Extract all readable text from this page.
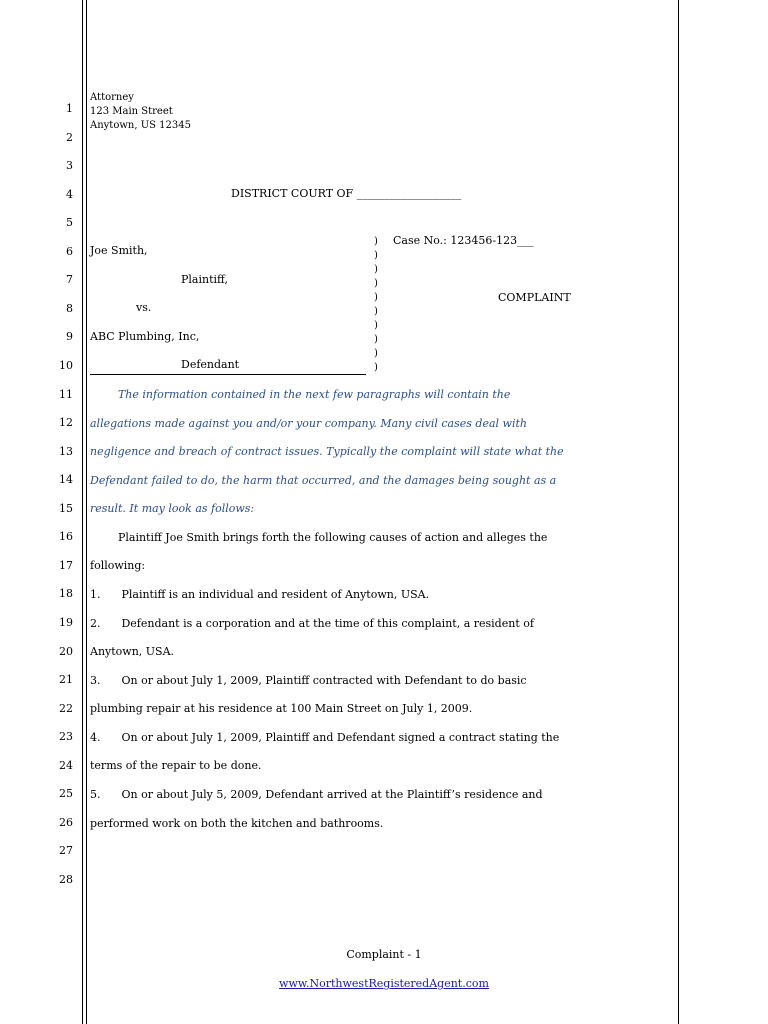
1
2
3
4
5
6
7
8
9
10
11
12
13
14
15
16
17
18
19
20
21
22
23
24
25
26
27
28
Attorney
123 Main Street
Anytown, US 12345
DISTRICT COURT OF ___________________
Joe Smith,
Plaintiff,
vs.
ABC Plumbing, Inc,
Defendant
)
)
)
)
)
)
)
)
)
)
Case No.: 123456-123___
COMPLAINT
The information contained in the next few paragraphs will contain the
allegations made against you and/or your company. Many civil cases deal with
negligence and breach of contract issues. Typically the complaint will state what the
Defendant failed to do, the harm that occurred, and the damages being sought as a
result. It may look as follows:
Plaintiff Joe Smith brings forth the following causes of action and alleges the
following:
1.      Plaintiff is an individual and resident of Anytown, USA.
2.      Defendant is a corporation and at the time of this complaint, a resident of
Anytown, USA.
3.      On or about July 1, 2009, Plaintiff contracted with Defendant to do basic
plumbing repair at his residence at 100 Main Street on July 1, 2009.
4.      On or about July 1, 2009, Plaintiff and Defendant signed a contract stating the
terms of the repair to be done.
5.      On or about July 5, 2009, Defendant arrived at the Plaintiff’s residence and
performed work on both the kitchen and bathrooms.
Complaint - 1
www.NorthwestRegisteredAgent.com
